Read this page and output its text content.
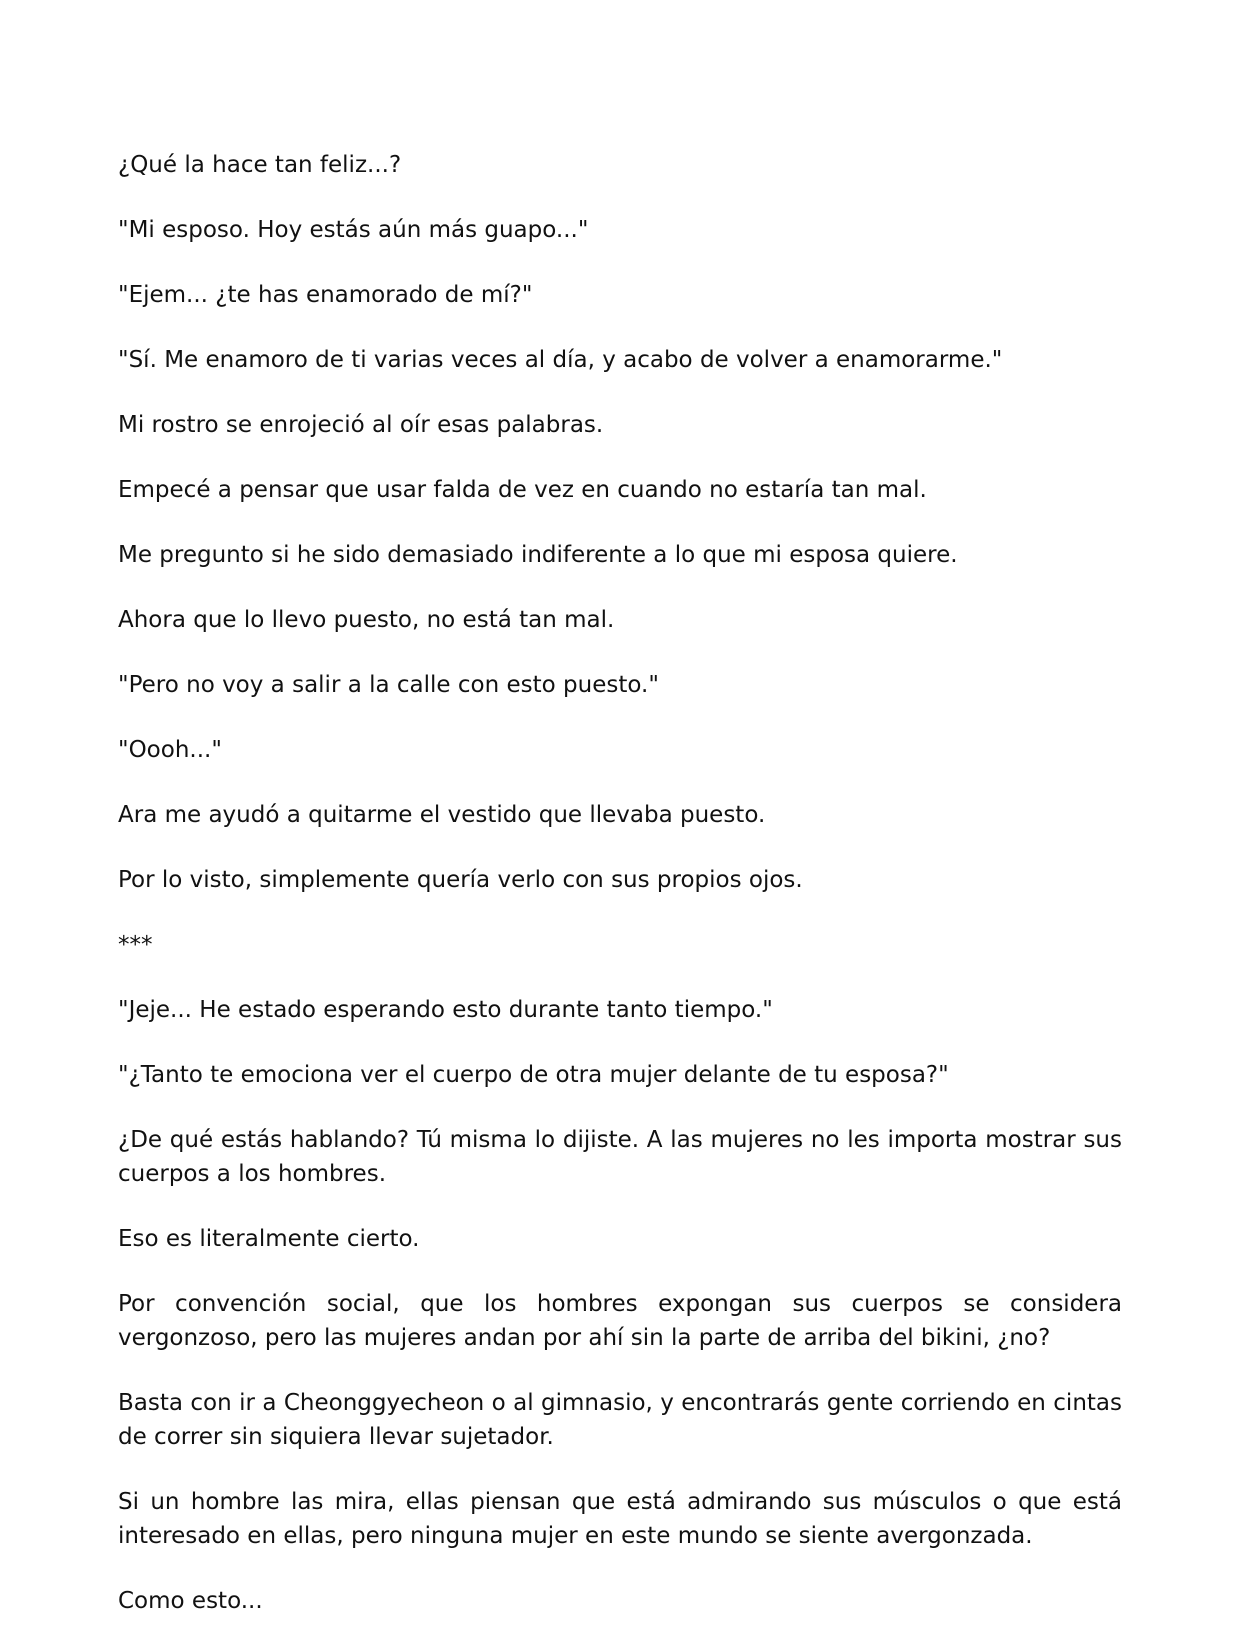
¿Qué la hace tan feliz...?

"Mi esposo. Hoy estás aún más guapo..."

"Ejem... ¿te has enamorado de mí?"

"Sí. Me enamoro de ti varias veces al día, y acabo de volver a enamorarme."

Mi rostro se enrojeció al oír esas palabras.

Empecé a pensar que usar falda de vez en cuando no estaría tan mal.

Me pregunto si he sido demasiado indiferente a lo que mi esposa quiere.

Ahora que lo llevo puesto, no está tan mal.

"Pero no voy a salir a la calle con esto puesto."

"Oooh..."

Ara me ayudó a quitarme el vestido que llevaba puesto.

Por lo visto, simplemente quería verlo con sus propios ojos.

***

"Jeje... He estado esperando esto durante tanto tiempo."

"¿Tanto te emociona ver el cuerpo de otra mujer delante de tu esposa?"

¿De qué estás hablando? Tú misma lo dijiste. A las mujeres no les importa mostrar sus cuerpos a los hombres.

Eso es literalmente cierto.

Por convención social, que los hombres expongan sus cuerpos se considera vergonzoso, pero las mujeres andan por ahí sin la parte de arriba del bikini, ¿no?

Basta con ir a Cheonggyecheon o al gimnasio, y encontrarás gente corriendo en cintas de correr sin siquiera llevar sujetador.

Si un hombre las mira, ellas piensan que está admirando sus músculos o que está interesado en ellas, pero ninguna mujer en este mundo se siente avergonzada.

Como esto...
